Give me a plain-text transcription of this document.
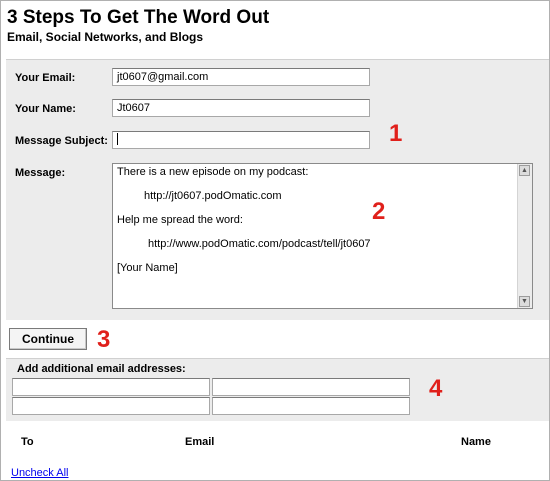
3 Steps To Get The Word Out
Email, Social Networks, and Blogs
Your Email:	jt0607@gmail.com
Your Name:	Jt0607
Message Subject:	1
Message:	There is a new episode on my podcast:
http://jt0607.podOmatic.com
Help me spread the word:
http://www.podOmatic.com/podcast/tell/jt0607
[Your Name]
▲
▼
2
Continue 3
Add additional email addresses:
4
To	Email	Name
Uncheck All
